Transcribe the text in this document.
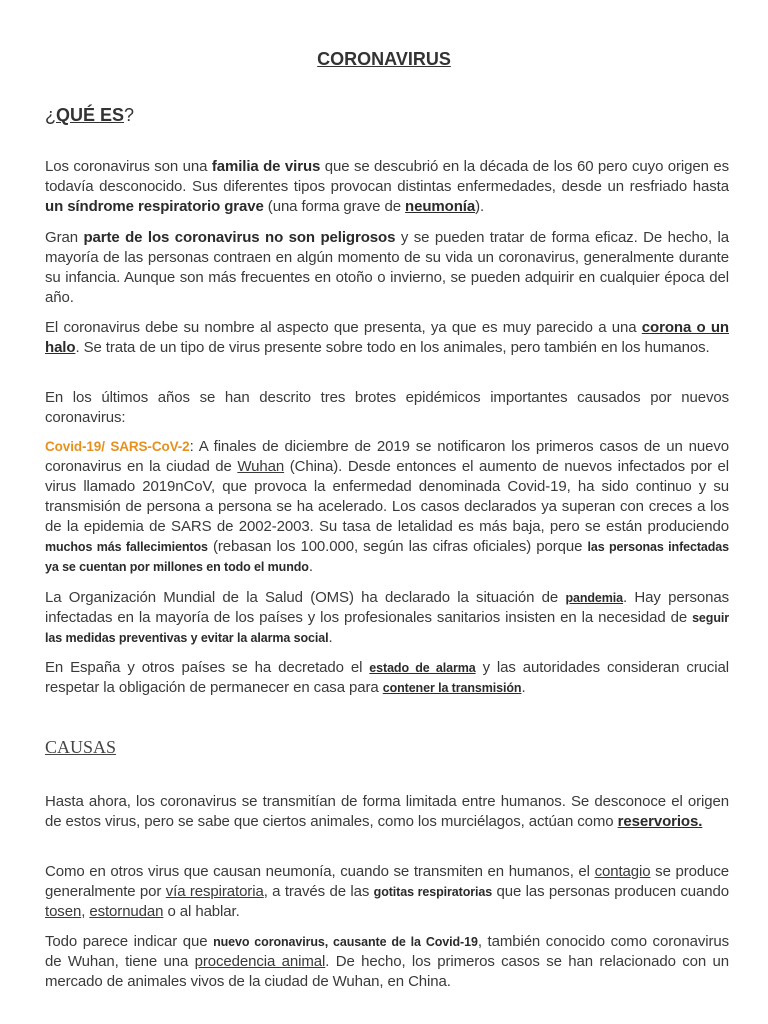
CORONAVIRUS
¿QUÉ ES?

Los coronavirus son una familia de virus que se descubrió en la década de los 60 pero cuyo origen es todavía desconocido. Sus diferentes tipos provocan distintas enfermedades, desde un resfriado hasta un síndrome respiratorio grave (una forma grave de neumonía).

Gran parte de los coronavirus no son peligrosos y se pueden tratar de forma eficaz. De hecho, la mayoría de las personas contraen en algún momento de su vida un coronavirus, generalmente durante su infancia. Aunque son más frecuentes en otoño o invierno, se pueden adquirir en cualquier época del año.

El coronavirus debe su nombre al aspecto que presenta, ya que es muy parecido a una corona o un halo. Se trata de un tipo de virus presente sobre todo en los animales, pero también en los humanos.

En los últimos años se han descrito tres brotes epidémicos importantes causados por nuevos coronavirus:

Covid-19/ SARS-CoV-2: A finales de diciembre de 2019 se notificaron los primeros casos de un nuevo coronavirus en la ciudad de Wuhan (China). Desde entonces el aumento de nuevos infectados por el virus llamado 2019nCoV, que provoca la enfermedad denominada Covid-19, ha sido continuo y su transmisión de persona a persona se ha acelerado. Los casos declarados ya superan con creces a los de la epidemia de SARS de 2002-2003. Su tasa de letalidad es más baja, pero se están produciendo muchos más fallecimientos (rebasan los 100.000, según las cifras oficiales) porque las personas infectadas ya se cuentan por millones en todo el mundo.

La Organización Mundial de la Salud (OMS) ha declarado la situación de pandemia. Hay personas infectadas en la mayoría de los países y los profesionales sanitarios insisten en la necesidad de seguir las medidas preventivas y evitar la alarma social.

En España y otros países se ha decretado el estado de alarma y las autoridades consideran crucial respetar la obligación de permanecer en casa para contener la transmisión.

CAUSAS

Hasta ahora, los coronavirus se transmitían de forma limitada entre humanos. Se desconoce el origen de estos virus, pero se sabe que ciertos animales, como los murciélagos, actúan como reservorios.

Como en otros virus que causan neumonía, cuando se transmiten en humanos, el contagio se produce generalmente por vía respiratoria, a través de las gotitas respiratorias que las personas producen cuando tosen, estornudan o al hablar.

Todo parece indicar que nuevo coronavirus, causante de la Covid-19, también conocido como coronavirus de Wuhan, tiene una procedencia animal. De hecho, los primeros casos se han relacionado con un mercado de animales vivos de la ciudad de Wuhan, en China.
